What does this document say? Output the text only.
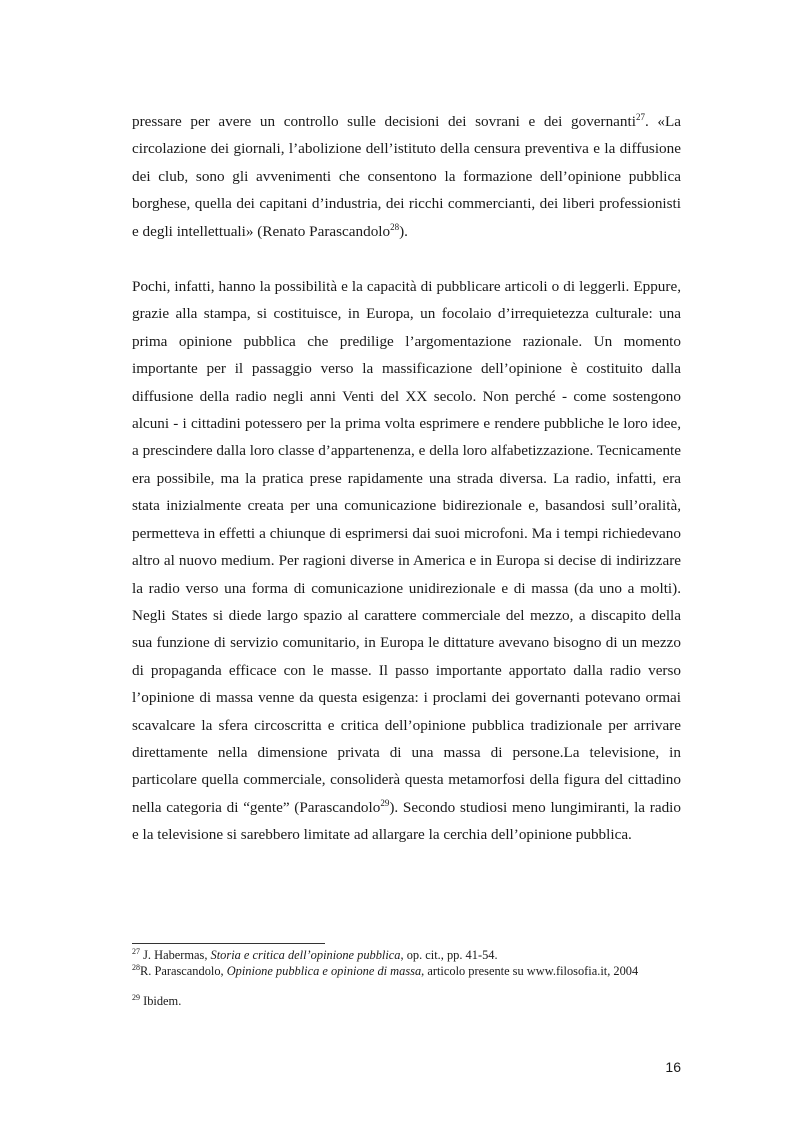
pressare per avere un controllo sulle decisioni dei sovrani e dei governanti$^{27}$. «La circolazione dei giornali, l’abolizione dell’istituto della censura preventiva e la diffusione dei club, sono gli avvenimenti che consentono la formazione dell’opinione pubblica borghese, quella dei capitani d’industria, dei ricchi commercianti, dei liberi professionisti e degli intellettuali» (Renato Parascandolo$^{28}$).

Pochi, infatti, hanno la possibilità e la capacità di pubblicare articoli o di leggerli. Eppure, grazie alla stampa, si costituisce, in Europa, un focolaio d’irrequietezza culturale: una prima opinione pubblica che predilige l’argomentazione razionale. Un momento importante per il passaggio verso la massificazione dell’opinione è costituito dalla diffusione della radio negli anni Venti del XX secolo. Non perché - come sostengono alcuni - i cittadini potessero per la prima volta esprimere e rendere pubbliche le loro idee, a prescindere dalla loro classe d’appartenenza, e della loro alfabetizzazione. Tecnicamente era possibile, ma la pratica prese rapidamente una strada diversa. La radio, infatti, era stata inizialmente creata per una comunicazione bidirezionale e, basandosi sull’oralità, permetteva in effetti a chiunque di esprimersi dai suoi microfoni. Ma i tempi richiedevano altro al nuovo medium. Per ragioni diverse in America e in Europa si decise di indirizzare la radio verso una forma di comunicazione unidirezionale e di massa (da uno a molti). Negli States si diede largo spazio al carattere commerciale del mezzo, a discapito della sua funzione di servizio comunitario, in Europa le dittature avevano bisogno di un mezzo di propaganda efficace con le masse. Il passo importante apportato dalla radio verso l’opinione di massa venne da questa esigenza: i proclami dei governanti potevano ormai scavalcare la sfera circoscritta e critica dell’opinione pubblica tradizionale per arrivare direttamente nella dimensione privata di una massa di persone.La televisione, in particolare quella commerciale, consoliderà questa metamorfosi della figura del cittadino nella categoria di “gente” (Parascandolo$^{29}$). Secondo studiosi meno lungimiranti, la radio e la televisione si sarebbero limitate ad allargare la cerchia dell’opinione pubblica.

$^{27}$ J. Habermas, Storia e critica dell’opinione pubblica, op. cit., pp. 41-54.

$^{28}$R. Parascandolo, Opinione pubblica e opinione di massa, articolo presente su www.filosofia.it, 2004

$^{29}$ Ibidem.

16
